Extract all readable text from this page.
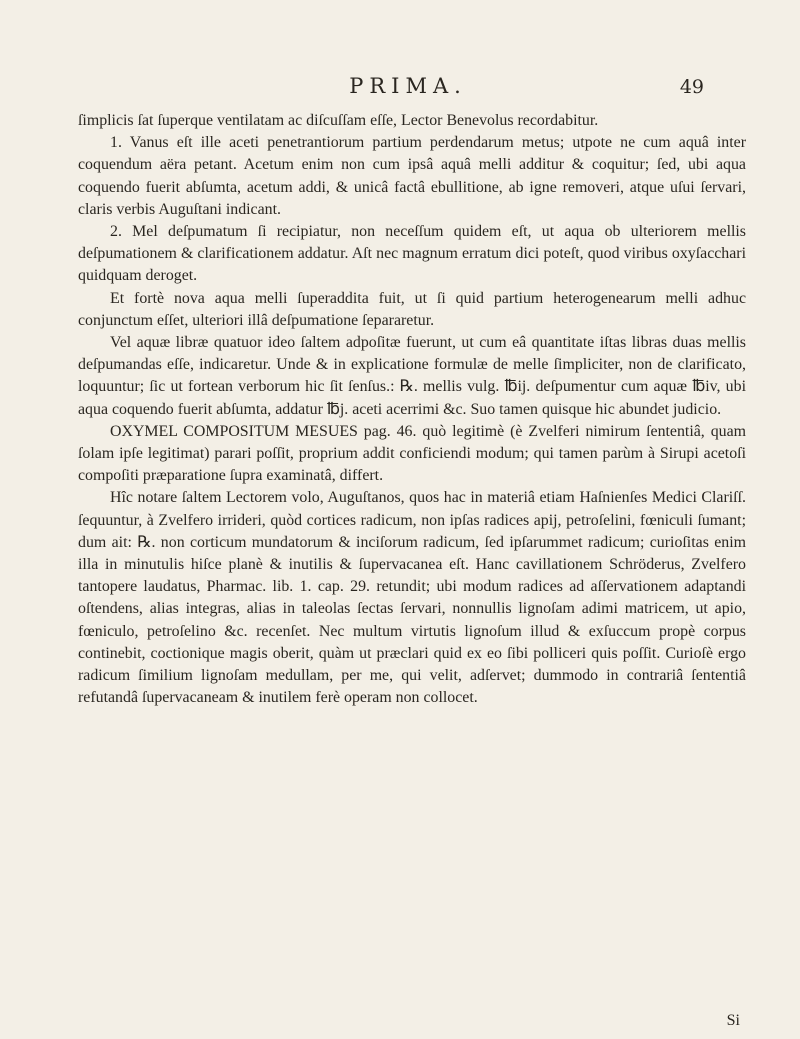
PRIMA.	49

ſimplicis ſat ſuperque ventilatam ac diſcuſſam eſſe, Lector Benevolus recordabitur.

1. Vanus eſt ille aceti penetrantiorum partium perdendarum metus; utpote ne cum aquâ inter coquendum aëra petant. Acetum enim non cum ipsâ aquâ melli additur & coquitur; ſed, ubi aqua coquendo fuerit abſumta, acetum addi, & unicâ factâ ebullitione, ab igne removeri, atque uſui ſervari, claris verbis Auguſtani indicant.

2. Mel deſpumatum ſi recipiatur, non neceſſum quidem eſt, ut aqua ob ulteriorem mellis deſpumationem & clarificationem addatur. Aſt nec magnum erratum dici poteſt, quod viribus oxyſacchari quidquam deroget.

Et fortè nova aqua melli ſuperaddita fuit, ut ſi quid partium heterogenearum melli adhuc conjunctum eſſet, ulteriori illâ deſpumatione ſepararetur.

Vel aquæ libræ quatuor ideo ſaltem adpoſitæ fuerunt, ut cum eâ quantitate iſtas libras duas mellis deſpumandas eſſe, indicaretur. Unde & in explicatione formulæ de melle ſimpliciter, non de clarificato, loquuntur; ſic ut fortean verborum hic ſit ſenſus.: ℞. mellis vulg. ℔ij. deſpumentur cum aquæ ℔iv, ubi aqua coquendo fuerit abſumta, addatur ℔j. aceti acerrimi &c. Suo tamen quisque hic abundet judicio.

OXYMEL COMPOSITUM MESUES pag. 46. quò legitimè (è Zvelferi nimirum ſententiâ, quam ſolam ipſe legitimat) parari poſſit, proprium addit conficiendi modum; qui tamen parùm à Sirupi acetoſi compoſiti præparatione ſupra examinatâ, differt.

Hîc notare ſaltem Lectorem volo, Auguſtanos, quos hac in materiâ etiam Haſnienſes Medici Clariſſ. ſequuntur, à Zvelfero irrideri, quòd cortices radicum, non ipſas radices apij, petroſelini, fœniculi ſumant; dum ait: ℞. non corticum mundatorum & inciſorum radicum, ſed ipſarummet radicum; curioſitas enim illa in minutulis hiſce planè & inutilis & ſupervacanea eſt. Hanc cavillationem Schröderus, Zvelfero tantopere laudatus, Pharmac. lib. 1. cap. 29. retundit; ubi modum radices ad aſſervationem adaptandi oſtendens, alias integras, alias in taleolas ſectas ſervari, nonnullis lignoſam adimi matricem, ut apio, fœniculo, petroſelino &c. recenſet. Nec multum virtutis lignoſum illud & exſuccum propè corpus continebit, coctionique magis oberit, quàm ut præclari quid ex eo ſibi polliceri quis poſſit. Curioſè ergo radicum ſimilium lignoſam medullam, per me, qui velit, adſervet; dummodo in contrariâ ſententiâ refutandâ ſupervacaneam & inutilem ferè operam non collocet.

Si
